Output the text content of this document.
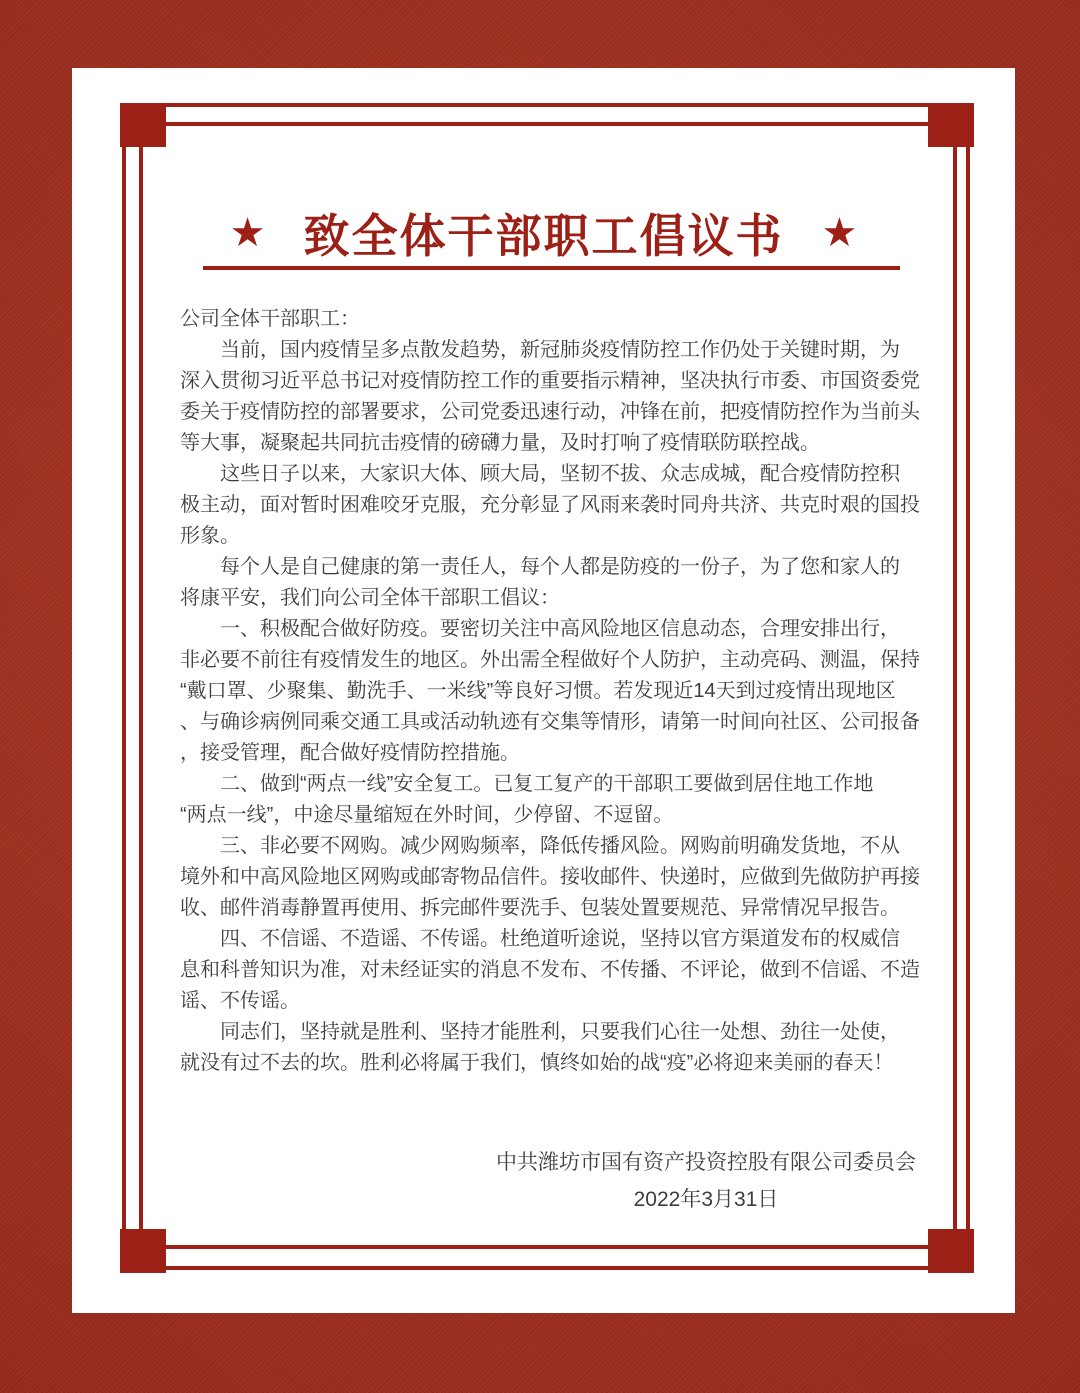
★ 致全体干部职工倡议书 ★
公司全体干部职工：
　　当前，国内疫情呈多点散发趋势，新冠肺炎疫情防控工作仍处于关键时期，为
深入贯彻习近平总书记对疫情防控工作的重要指示精神，坚决执行市委、市国资委党
委关于疫情防控的部署要求，公司党委迅速行动，冲锋在前，把疫情防控作为当前头
等大事，凝聚起共同抗击疫情的磅礴力量，及时打响了疫情联防联控战。
　　这些日子以来，大家识大体、顾大局，坚韧不拔、众志成城，配合疫情防控积
极主动，面对暂时困难咬牙克服，充分彰显了风雨来袭时同舟共济、共克时艰的国投
形象。
　　每个人是自己健康的第一责任人，每个人都是防疫的一份子，为了您和家人的
将康平安，我们向公司全体干部职工倡议：
　　一、积极配合做好防疫。要密切关注中高风险地区信息动态，合理安排出行，
非必要不前往有疫情发生的地区。外出需全程做好个人防护，主动亮码、测温，保持
“戴口罩、少聚集、勤洗手、一米线”等良好习惯。若发现近14天到过疫情出现地区
、与确诊病例同乘交通工具或活动轨迹有交集等情形，请第一时间向社区、公司报备
，接受管理，配合做好疫情防控措施。
　　二、做到“两点一线”安全复工。已复工复产的干部职工要做到居住地工作地
“两点一线”，中途尽量缩短在外时间，少停留、不逗留。
　　三、非必要不网购。减少网购频率，降低传播风险。网购前明确发货地，不从
境外和中高风险地区网购或邮寄物品信件。接收邮件、快递时，应做到先做防护再接
收、邮件消毒静置再使用、拆完邮件要洗手、包装处置要规范、异常情况早报告。
　　四、不信谣、不造谣、不传谣。杜绝道听途说，坚持以官方渠道发布的权威信
息和科普知识为准，对未经证实的消息不发布、不传播、不评论，做到不信谣、不造
谣、不传谣。
　　同志们，坚持就是胜利、坚持才能胜利，只要我们心往一处想、劲往一处使，
就没有过不去的坎。胜利必将属于我们，慎终如始的战“疫”必将迎来美丽的春天！
中共潍坊市国有资产投资控股有限公司委员会
2022年3月31日
